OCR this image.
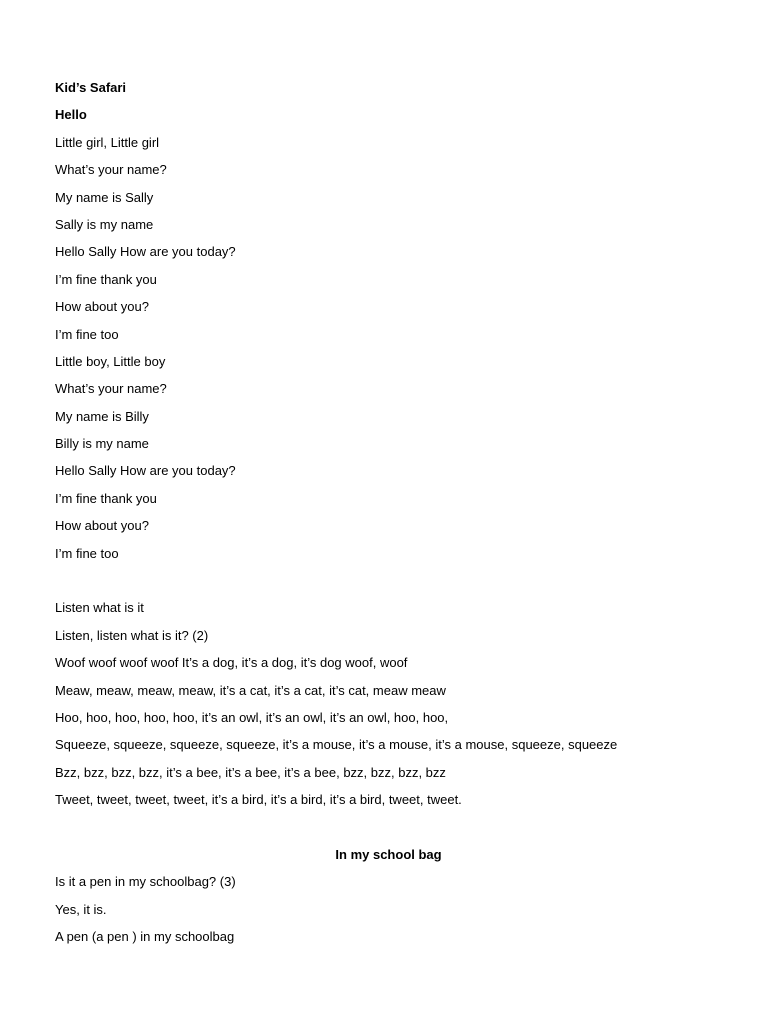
Kid’s Safari
Hello
Little girl, Little girl
What’s your name?
My name is Sally
Sally is my name
Hello Sally How are you today?
I’m fine thank you
How about you?
I’m fine too
Little boy, Little boy
What’s your name?
My name is Billy
Billy is my name
Hello Sally How are you today?
I’m fine thank you
How about you?
I’m fine too
Listen what is it
Listen, listen what is it? (2)
Woof woof woof woof It’s a dog, it’s a dog, it’s dog woof, woof
Meaw, meaw, meaw, meaw, it’s a cat, it’s a cat, it’s cat, meaw meaw
Hoo, hoo, hoo, hoo, hoo, it’s an owl, it’s an owl, it’s an owl, hoo, hoo,
Squeeze, squeeze, squeeze, squeeze, it’s a mouse, it’s a mouse, it’s a mouse, squeeze, squeeze
Bzz, bzz, bzz, bzz, it’s a bee, it’s a bee, it’s a bee, bzz, bzz, bzz, bzz
Tweet, tweet, tweet, tweet, it’s a bird, it’s a bird, it’s a bird, tweet, tweet.
In my school bag
Is it a pen in my schoolbag? (3)
Yes, it is.
A pen (a pen ) in my schoolbag
